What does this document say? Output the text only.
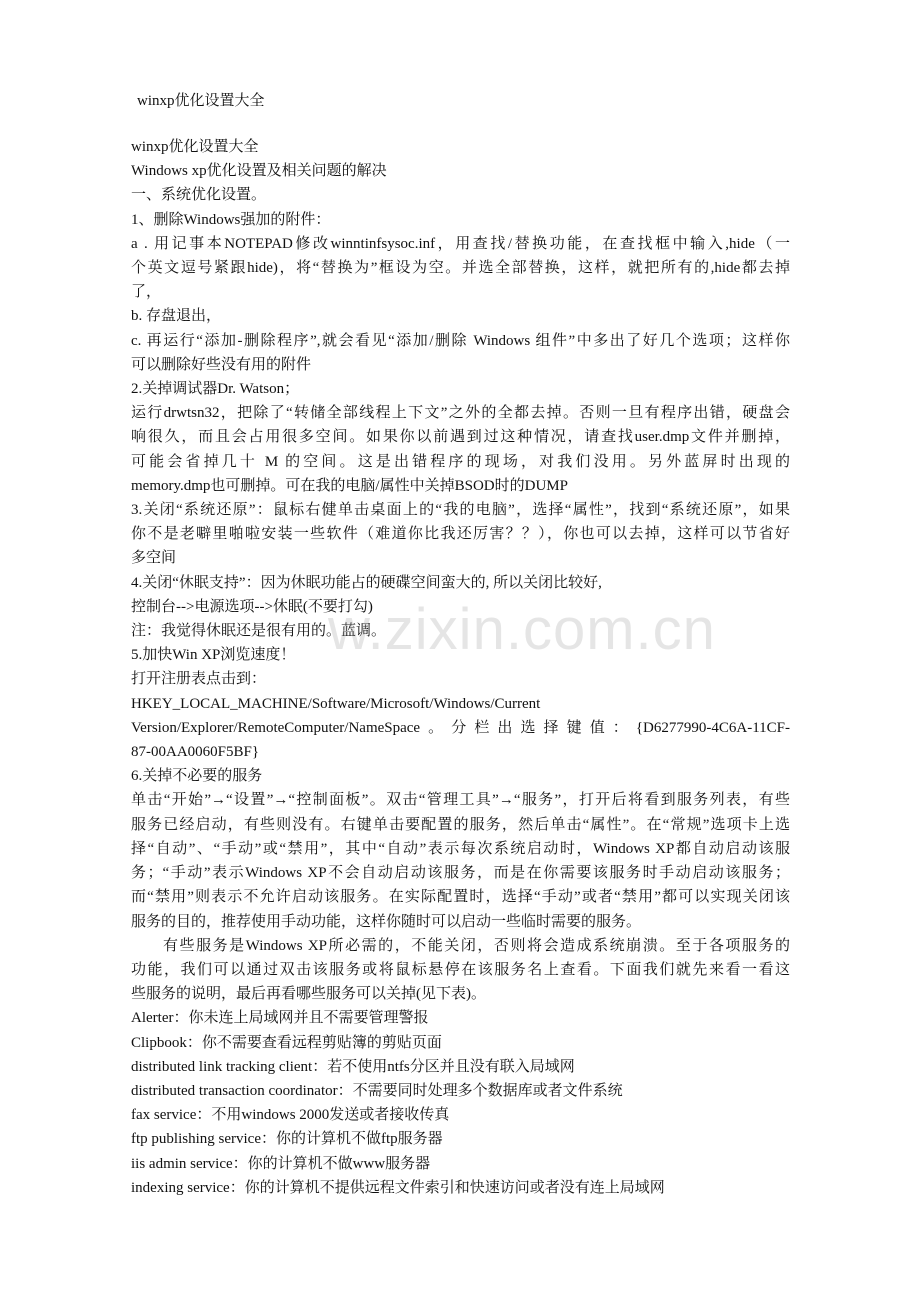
winxp优化设置大全

winxp优化设置大全

Windows xp优化设置及相关问题的解决

一、系统优化设置。

1、删除Windows强加的附件：

a . 用记事本NOTEPAD修改winntinfsysoc.inf，用查找/替换功能，在查找框中输入,hide（一

个英文逗号紧跟hide)，将“替换为”框设为空。并选全部替换，这样，就把所有的,hide都去掉

了，

b. 存盘退出，

c. 再运行“添加-删除程序”,就会看见“添加/删除 Windows 组件”中多出了好几个选项；这样你

可以删除好些没有用的附件

2.关掉调试器Dr. Watson；

运行drwtsn32，把除了“转储全部线程上下文”之外的全都去掉。否则一旦有程序出错，硬盘会

响很久，而且会占用很多空间。如果你以前遇到过这种情况，请查找user.dmp文件并删掉，

可能会省掉几十 M 的空间。这是出错程序的现场，对我们没用。另外蓝屏时出现的

memory.dmp也可删掉。可在我的电脑/属性中关掉BSOD时的DUMP

3.关闭“系统还原”：鼠标右健单击桌面上的“我的电脑”，选择“属性”，找到“系统还原”，如果

你不是老噼里啪啦安装一些软件（难道你比我还厉害？？），你也可以去掉，这样可以节省好

多空间

4.关闭“休眠支持”：因为休眠功能占的硬碟空间蛮大的, 所以关闭比较好,

控制台-->电源选项-->休眠(不要打勾)

注：我觉得休眠还是很有用的。蓝调。

5.加快Win XP浏览速度！

打开注册表点击到：

HKEY_LOCAL_MACHINE/Software/Microsoft/Windows/Current

Version/Explorer/RemoteComputer/NameSpace。分栏出选择键值：{D6277990-4C6A-11CF-

87-00AA0060F5BF}

6.关掉不必要的服务

单击“开始”→“设置”→“控制面板”。双击“管理工具”→“服务”，打开后将看到服务列表，有些

服务已经启动，有些则没有。右键单击要配置的服务，然后单击“属性”。在“常规”选项卡上选

择“自动”、“手动”或“禁用”，其中“自动”表示每次系统启动时，Windows XP都自动启动该服

务；“手动”表示Windows XP不会自动启动该服务，而是在你需要该服务时手动启动该服务；

而“禁用”则表示不允许启动该服务。在实际配置时，选择“手动”或者“禁用”都可以实现关闭该

服务的目的，推荐使用手动功能，这样你随时可以启动一些临时需要的服务。

有些服务是Windows XP所必需的，不能关闭，否则将会造成系统崩溃。至于各项服务的

功能，我们可以通过双击该服务或将鼠标悬停在该服务名上查看。下面我们就先来看一看这

些服务的说明，最后再看哪些服务可以关掉(见下表)。

Alerter：你未连上局域网并且不需要管理警报

Clipbook：你不需要查看远程剪贴簿的剪贴页面

distributed link tracking client：若不使用ntfs分区并且没有联入局域网

distributed transaction coordinator：不需要同时处理多个数据库或者文件系统

fax service：不用windows 2000发送或者接收传真

ftp publishing service：你的计算机不做ftp服务器

iis admin service：你的计算机不做www服务器

indexing service：你的计算机不提供远程文件索引和快速访问或者没有连上局域网

w.zixin.com.cn
